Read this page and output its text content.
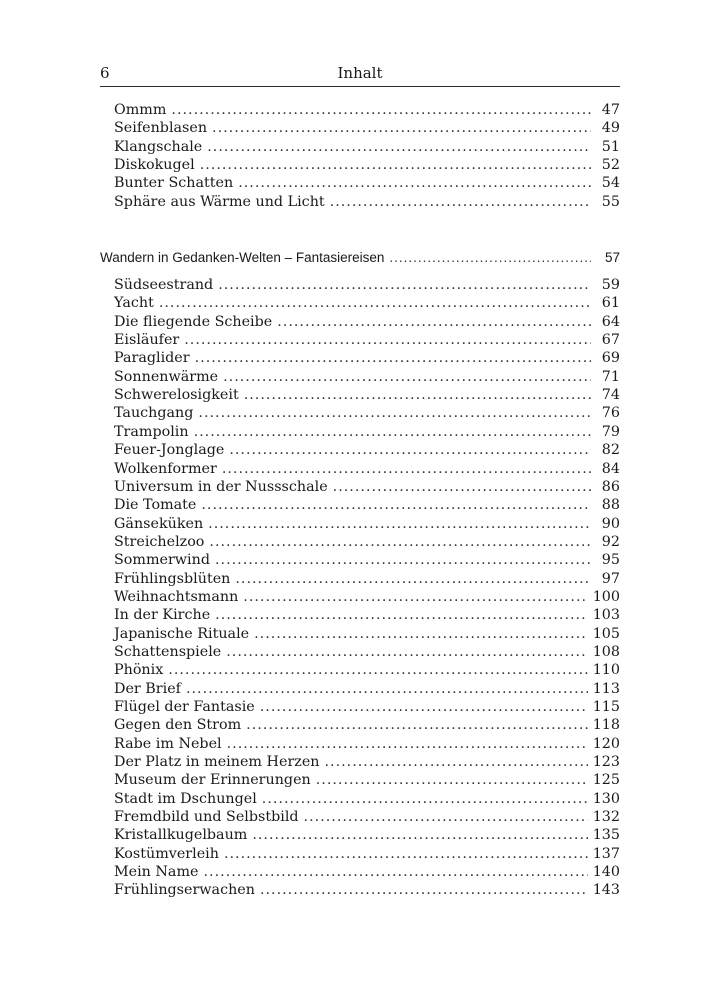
6	Inhalt
Ommm .....	47
Seifenblasen .....	49
Klangschale .....	51
Diskokugel .....	52
Bunter Schatten .....	54
Sphäre aus Wärme und Licht .....	55
Wandern in Gedanken-Welten – Fantasiereisen .....	57
Südseestrand .....	59
Yacht .....	61
Die fliegende Scheibe .....	64
Eisläufer .....	67
Paraglider .....	69
Sonnenwärme .....	71
Schwerelosigkeit .....	74
Tauchgang .....	76
Trampolin .....	79
Feuer-Jonglage .....	82
Wolkenformer .....	84
Universum in der Nussschale .....	86
Die Tomate .....	88
Gänseküken .....	90
Streichelzoo .....	92
Sommerwind .....	95
Frühlingsblüten .....	97
Weihnachtsmann .....	100
In der Kirche .....	103
Japanische Rituale .....	105
Schattenspiele .....	108
Phönix .....	110
Der Brief .....	113
Flügel der Fantasie .....	115
Gegen den Strom .....	118
Rabe im Nebel .....	120
Der Platz in meinem Herzen .....	123
Museum der Erinnerungen .....	125
Stadt im Dschungel .....	130
Fremdbild und Selbstbild .....	132
Kristallkugelbaum .....	135
Kostümverleih .....	137
Mein Name .....	140
Frühlingserwachen .....	143
